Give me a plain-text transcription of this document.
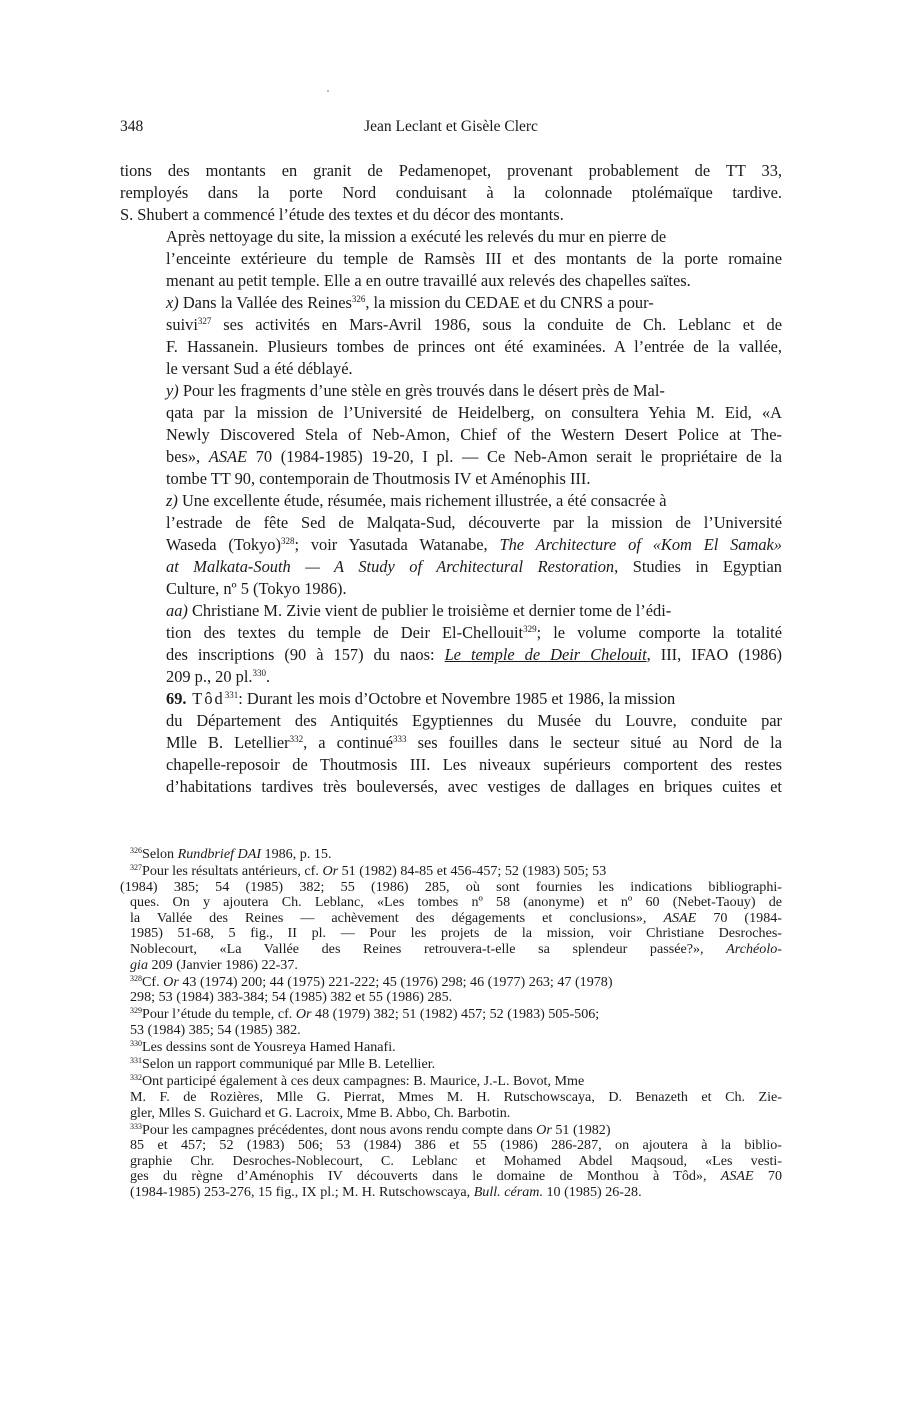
348	Jean Leclant et Gisèle Clerc

tions des montants en granit de Pedamenopet, provenant probablement de TT 33,
remployés dans la porte Nord conduisant à la colonnade ptolémaïque tardive.
S. Shubert a commencé l’étude des textes et du décor des montants.

Après nettoyage du site, la mission a exécuté les relevés du mur en pierre de
l’enceinte extérieure du temple de Ramsès III et des montants de la porte romaine
menant au petit temple. Elle a en outre travaillé aux relevés des chapelles saïtes.

x) Dans la Vallée des Reines$^{326}$, la mission du CEDAE et du CNRS a pour-
suivi$^{327}$ ses activités en Mars-Avril 1986, sous la conduite de Ch. Leblanc et de
F. Hassanein. Plusieurs tombes de princes ont été examinées. A l’entrée de la vallée,
le versant Sud a été déblayé.

y) Pour les fragments d’une stèle en grès trouvés dans le désert près de Mal-
qata par la mission de l’Université de Heidelberg, on consultera Yehia M. Eid, «A
Newly Discovered Stela of Neb-Amon, Chief of the Western Desert Police at The-
bes», ASAE 70 (1984-1985) 19-20, I pl. — Ce Neb-Amon serait le propriétaire de la
tombe TT 90, contemporain de Thoutmosis IV et Aménophis III.

z) Une excellente étude, résumée, mais richement illustrée, a été consacrée à
l’estrade de fête Sed de Malqata-Sud, découverte par la mission de l’Université
Waseda (Tokyo)$^{328}$; voir Yasutada Watanabe, The Architecture of «Kom El Samak»
at Malkata-South — A Study of Architectural Restoration, Studies in Egyptian
Culture, nº 5 (Tokyo 1986).

aa) Christiane M. Zivie vient de publier le troisième et dernier tome de l’édi-
tion des textes du temple de Deir El-Chellouit$^{329}$; le volume comporte la totalité
des inscriptions (90 à 157) du naos: Le temple de Deir Chelouit, III, IFAO (1986)
209 p., 20 pl.$^{330}$.

69. Tôd$^{331}$: Durant les mois d’Octobre et Novembre 1985 et 1986, la mission
du Département des Antiquités Egyptiennes du Musée du Louvre, conduite par
Mlle B. Letellier$^{332}$, a continué$^{333}$ ses fouilles dans le secteur situé au Nord de la
chapelle-reposoir de Thoutmosis III. Les niveaux supérieurs comportent des restes
d’habitations tardives très bouleversés, avec vestiges de dallages en briques cuites et

$^{326}$Selon Rundbrief DAI 1986, p. 15.
$^{327}$Pour les résultats antérieurs, cf. Or 51 (1982) 84-85 et 456-457; 52 (1983) 505; 53
(1984) 385; 54 (1985) 382; 55 (1986) 285, où sont fournies les indications bibliographi-
ques. On y ajoutera Ch. Leblanc, «Les tombes nº 58 (anonyme) et nº 60 (Nebet-Taouy) de
la Vallée des Reines — achèvement des dégagements et conclusions», ASAE 70 (1984-
1985) 51-68, 5 fig., II pl. — Pour les projets de la mission, voir Christiane Desroches-
Noblecourt, «La Vallée des Reines retrouvera-t-elle sa splendeur passée?», Archéolo-
gia 209 (Janvier 1986) 22-37.
$^{328}$Cf. Or 43 (1974) 200; 44 (1975) 221-222; 45 (1976) 298; 46 (1977) 263; 47 (1978)
298; 53 (1984) 383-384; 54 (1985) 382 et 55 (1986) 285.
$^{329}$Pour l’étude du temple, cf. Or 48 (1979) 382; 51 (1982) 457; 52 (1983) 505-506;
53 (1984) 385; 54 (1985) 382.
$^{330}$Les dessins sont de Yousreya Hamed Hanafi.
$^{331}$Selon un rapport communiqué par Mlle B. Letellier.
$^{332}$Ont participé également à ces deux campagnes: B. Maurice, J.-L. Bovot, Mme
M. F. de Rozières, Mlle G. Pierrat, Mmes M. H. Rutschowscaya, D. Benazeth et Ch. Zie-
gler, Mlles S. Guichard et G. Lacroix, Mme B. Abbo, Ch. Barbotin.
$^{333}$Pour les campagnes précédentes, dont nous avons rendu compte dans Or 51 (1982)
85 et 457; 52 (1983) 506; 53 (1984) 386 et 55 (1986) 286-287, on ajoutera à la biblio-
graphie Chr. Desroches-Noblecourt, C. Leblanc et Mohamed Abdel Maqsoud, «Les vesti-
ges du règne d’Aménophis IV découverts dans le domaine de Monthou à Tôd», ASAE 70
(1984-1985) 253-276, 15 fig., IX pl.; M. H. Rutschowscaya, Bull. céram. 10 (1985) 26-28.
